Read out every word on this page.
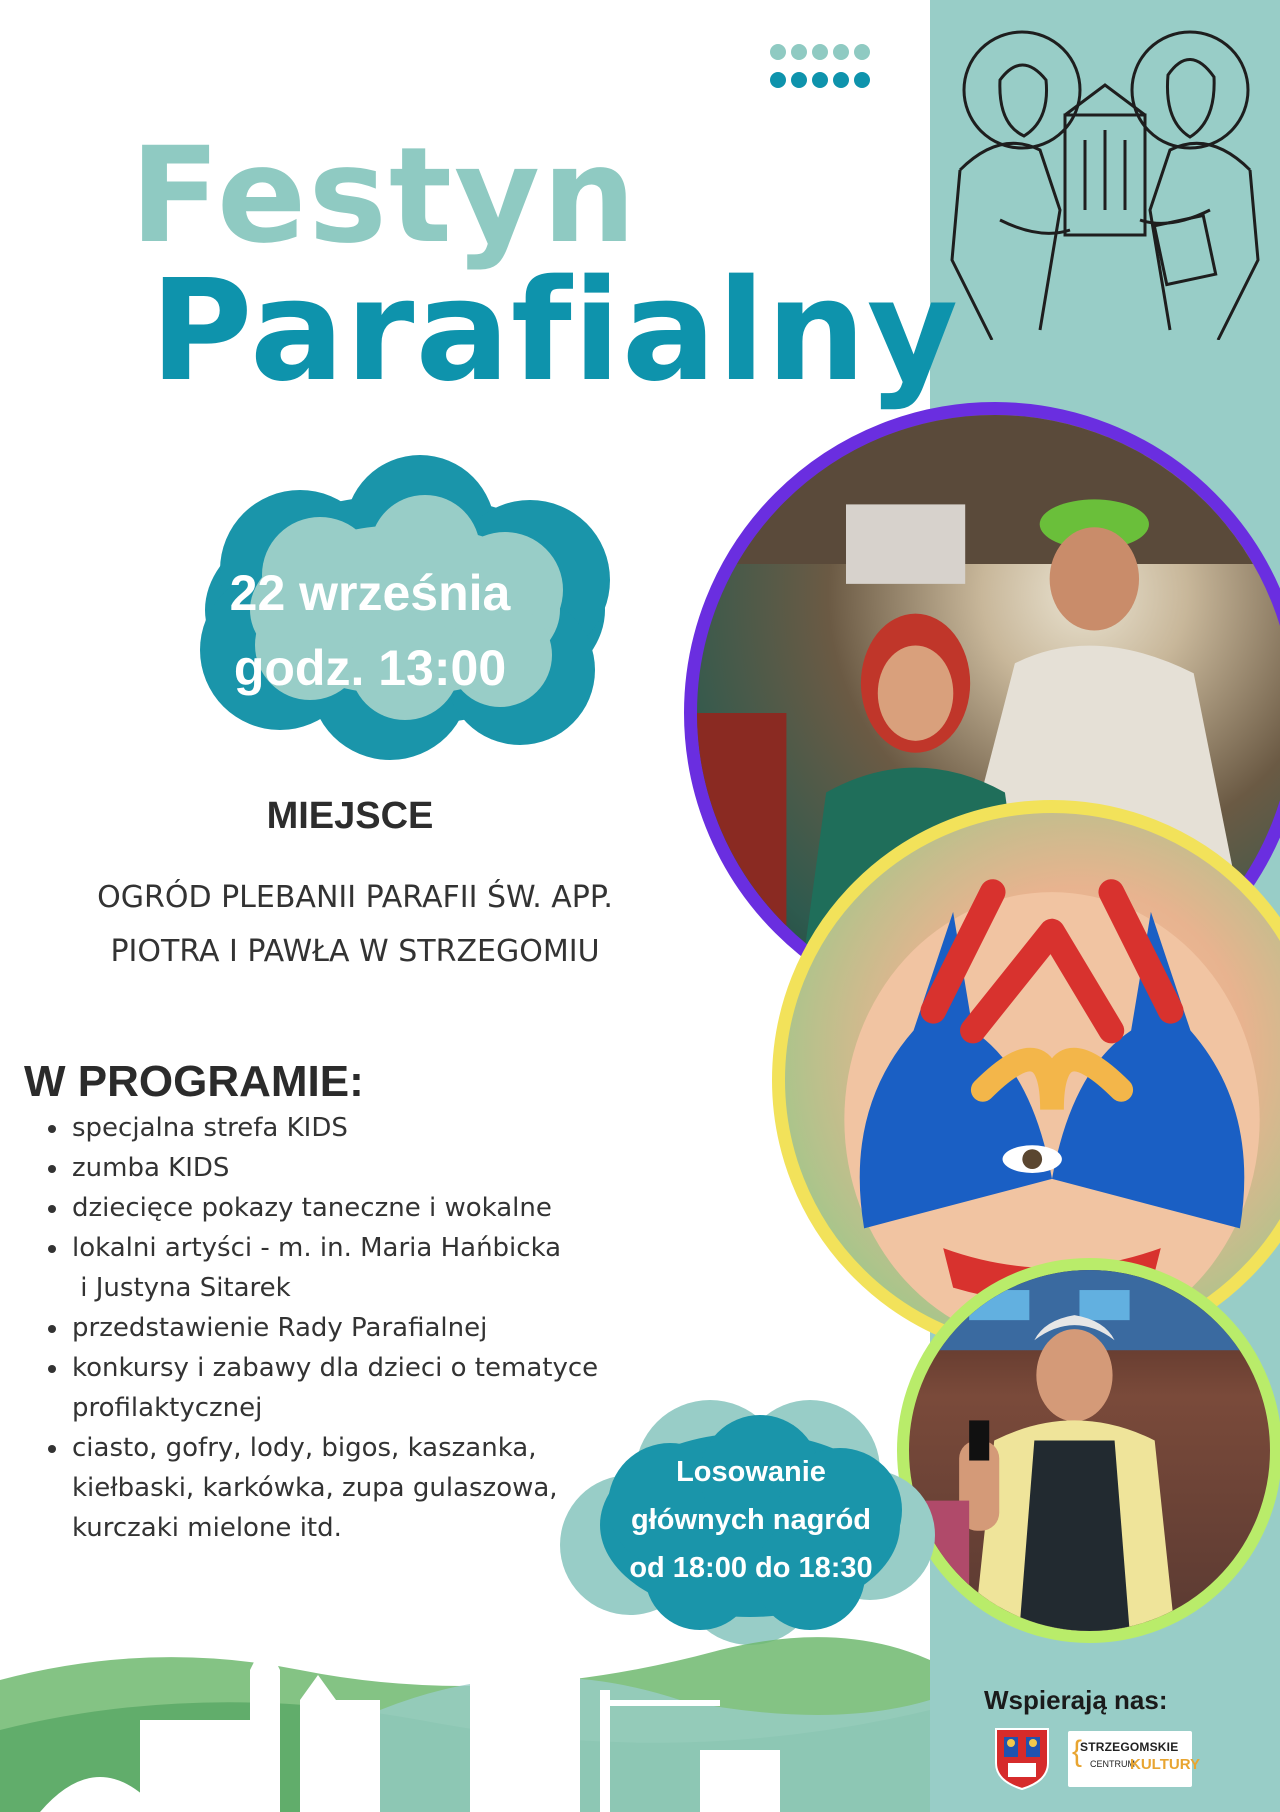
Festyn
Parafialny
22 września
godz. 13:00
MIEJSCE
OGRÓD PLEBANII PARAFII ŚW. APP.
PIOTRA I PAWŁA W STRZEGOMIU
W PROGRAMIE:
specjalna strefa KIDS
zumba KIDS
dziecięce pokazy taneczne i wokalne
lokalni artyści - m. in. Maria Hańbicka
i Justyna Sitarek
przedstawienie Rady Parafialnej
konkursy i zabawy dla dzieci o tematyce
profilaktycznej
ciasto, gofry, lody, bigos, kaszanka,
kiełbaski, karkówka, zupa gulaszowa,
kurczaki mielone itd.
Losowanie
głównych nagród
od 18:00 do 18:30
Wspierają nas:
{
STRZEGOMSKIE
CENTRUM
KULTURY
